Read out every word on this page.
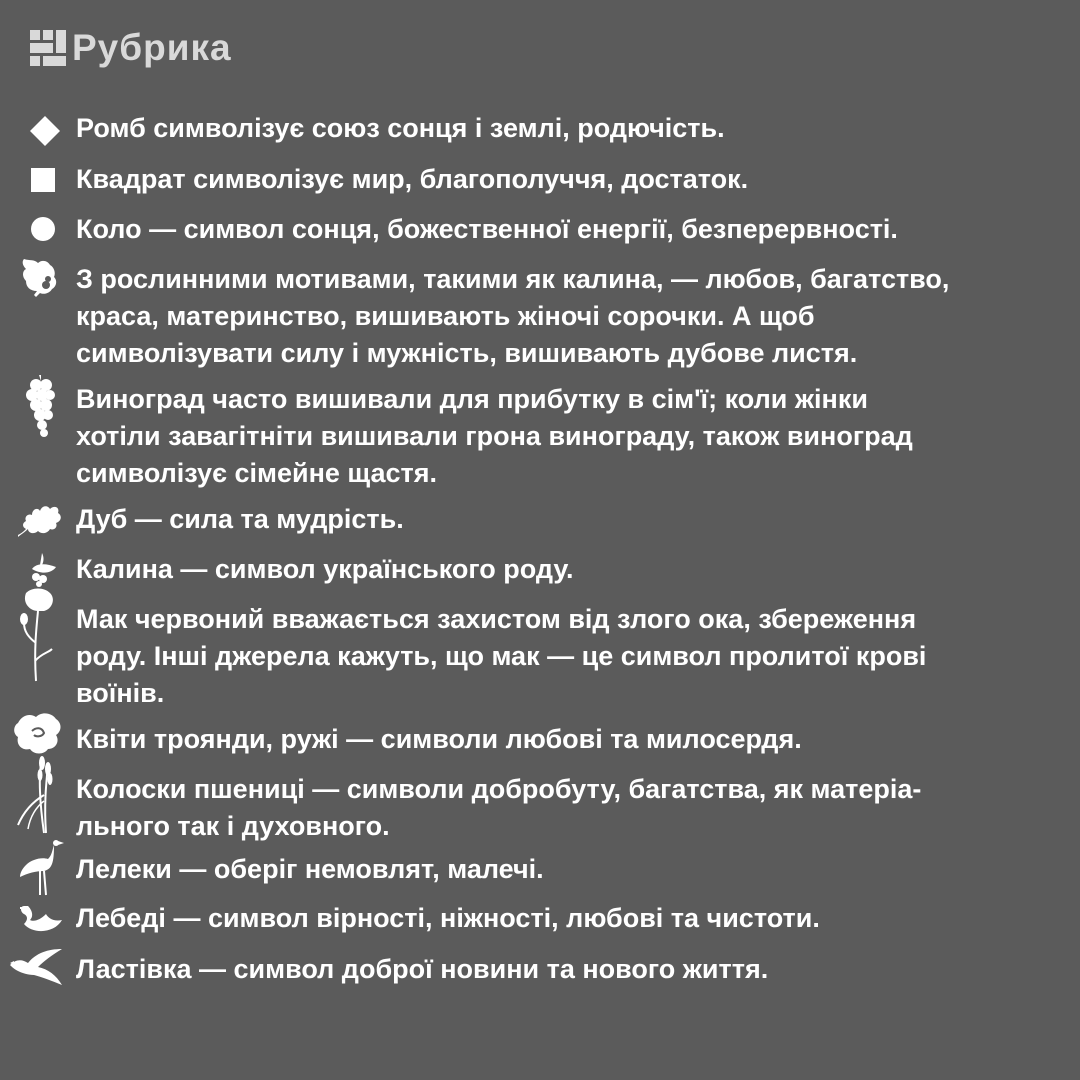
Рубрика

Ромб символізує союз сонця і землі, родючість.

Квадрат символізує мир, благополуччя, достаток.

Коло — символ сонця, божественної енергії, безперервності.

З рослинними мотивами, такими як калина, — любов, багатство,
краса, материнство, вишивають жіночі сорочки. А щоб
символізувати силу і мужність, вишивають дубове листя.

Виноград часто вишивали для прибутку в сім'ї; коли жінки
хотіли завагітніти вишивали грона винограду, також виноград
символізує сімейне щастя.

Дуб — сила та мудрість.

Калина — символ українського роду.

Мак червоний вважається захистом від злого ока, збереження
роду. Інші джерела кажуть, що мак — це символ пролитої крові
воїнів.

Квіти троянди, ружі — символи любові та милосердя.

Колоски пшениці — символи добробуту, багатства, як матеріа-
льного так і духовного.

Лелеки — оберіг немовлят, малечі.

Лебеді — символ вірності, ніжності, любові та чистоти.

Ластівка — символ доброї новини та нового життя.
